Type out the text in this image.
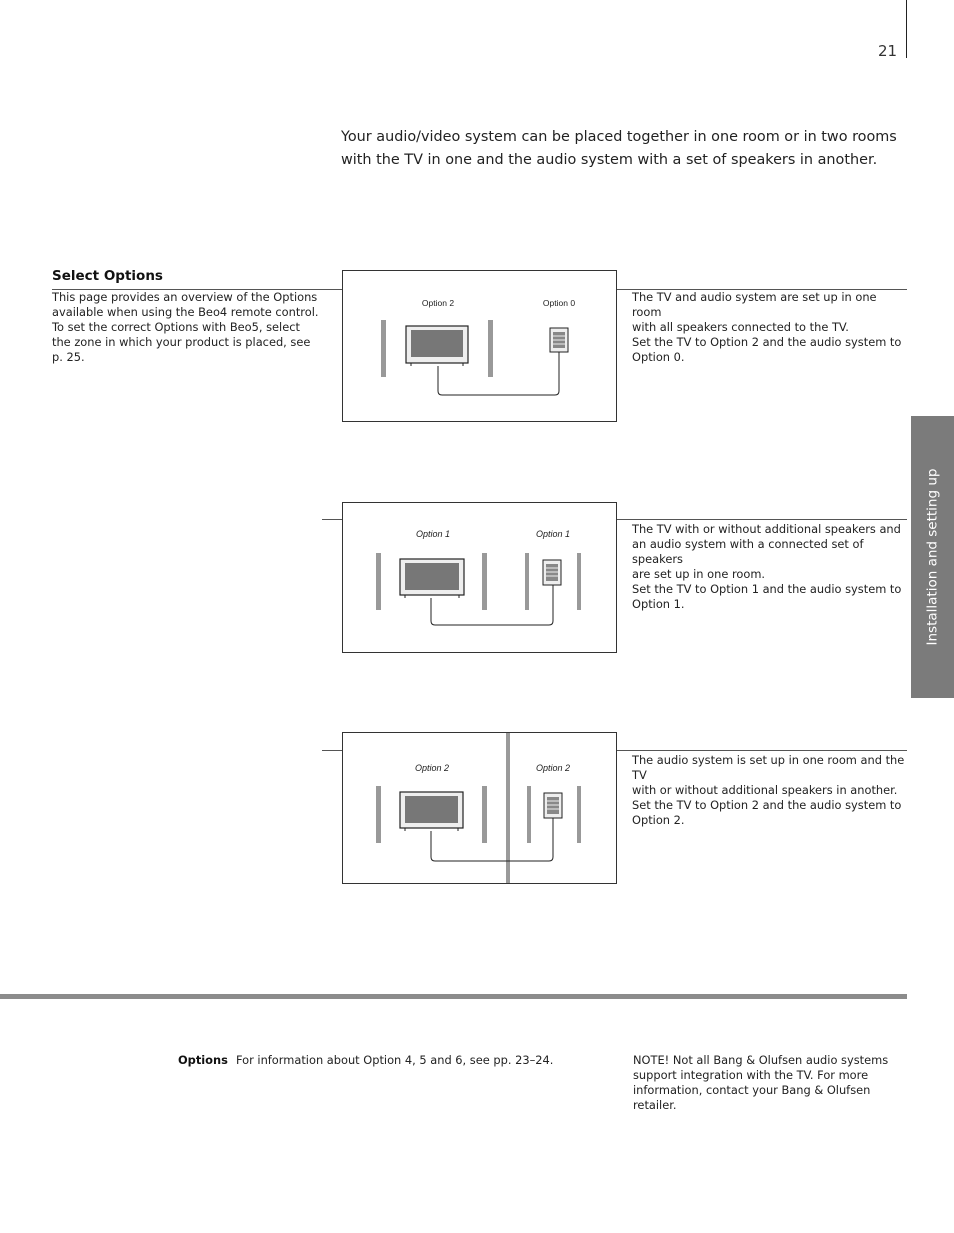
21
Your audio/video system can be placed together in one room or in two rooms with the TV in one and the audio system with a set of speakers in another.
Select Options
This page provides an overview of the Options available when using the Beo4 remote control. To set the correct Options with Beo5, select the zone in which your product is placed, see p. 25.
Option 2	Option 0	The TV and audio system are set up in one room
with all speakers connected to the TV.
Set the TV to Option 2 and the audio system to
Option 0.
Option 1	Option 1	The TV with or without additional speakers and
an audio system with a connected set of speakers
are set up in one room.
Set the TV to Option 1 and the audio system to
Option 1.
Option 2	Option 2
The audio system is set up in one room and the TV
with or without additional speakers in another.
Set the TV to Option 2 and the audio system to
Option 2.
Installation and setting up
Options For information about Option 4, 5 and 6, see pp. 23–24.	NOTE! Not all Bang & Olufsen audio systems support integration with the TV. For more information, contact your Bang & Olufsen retailer.
